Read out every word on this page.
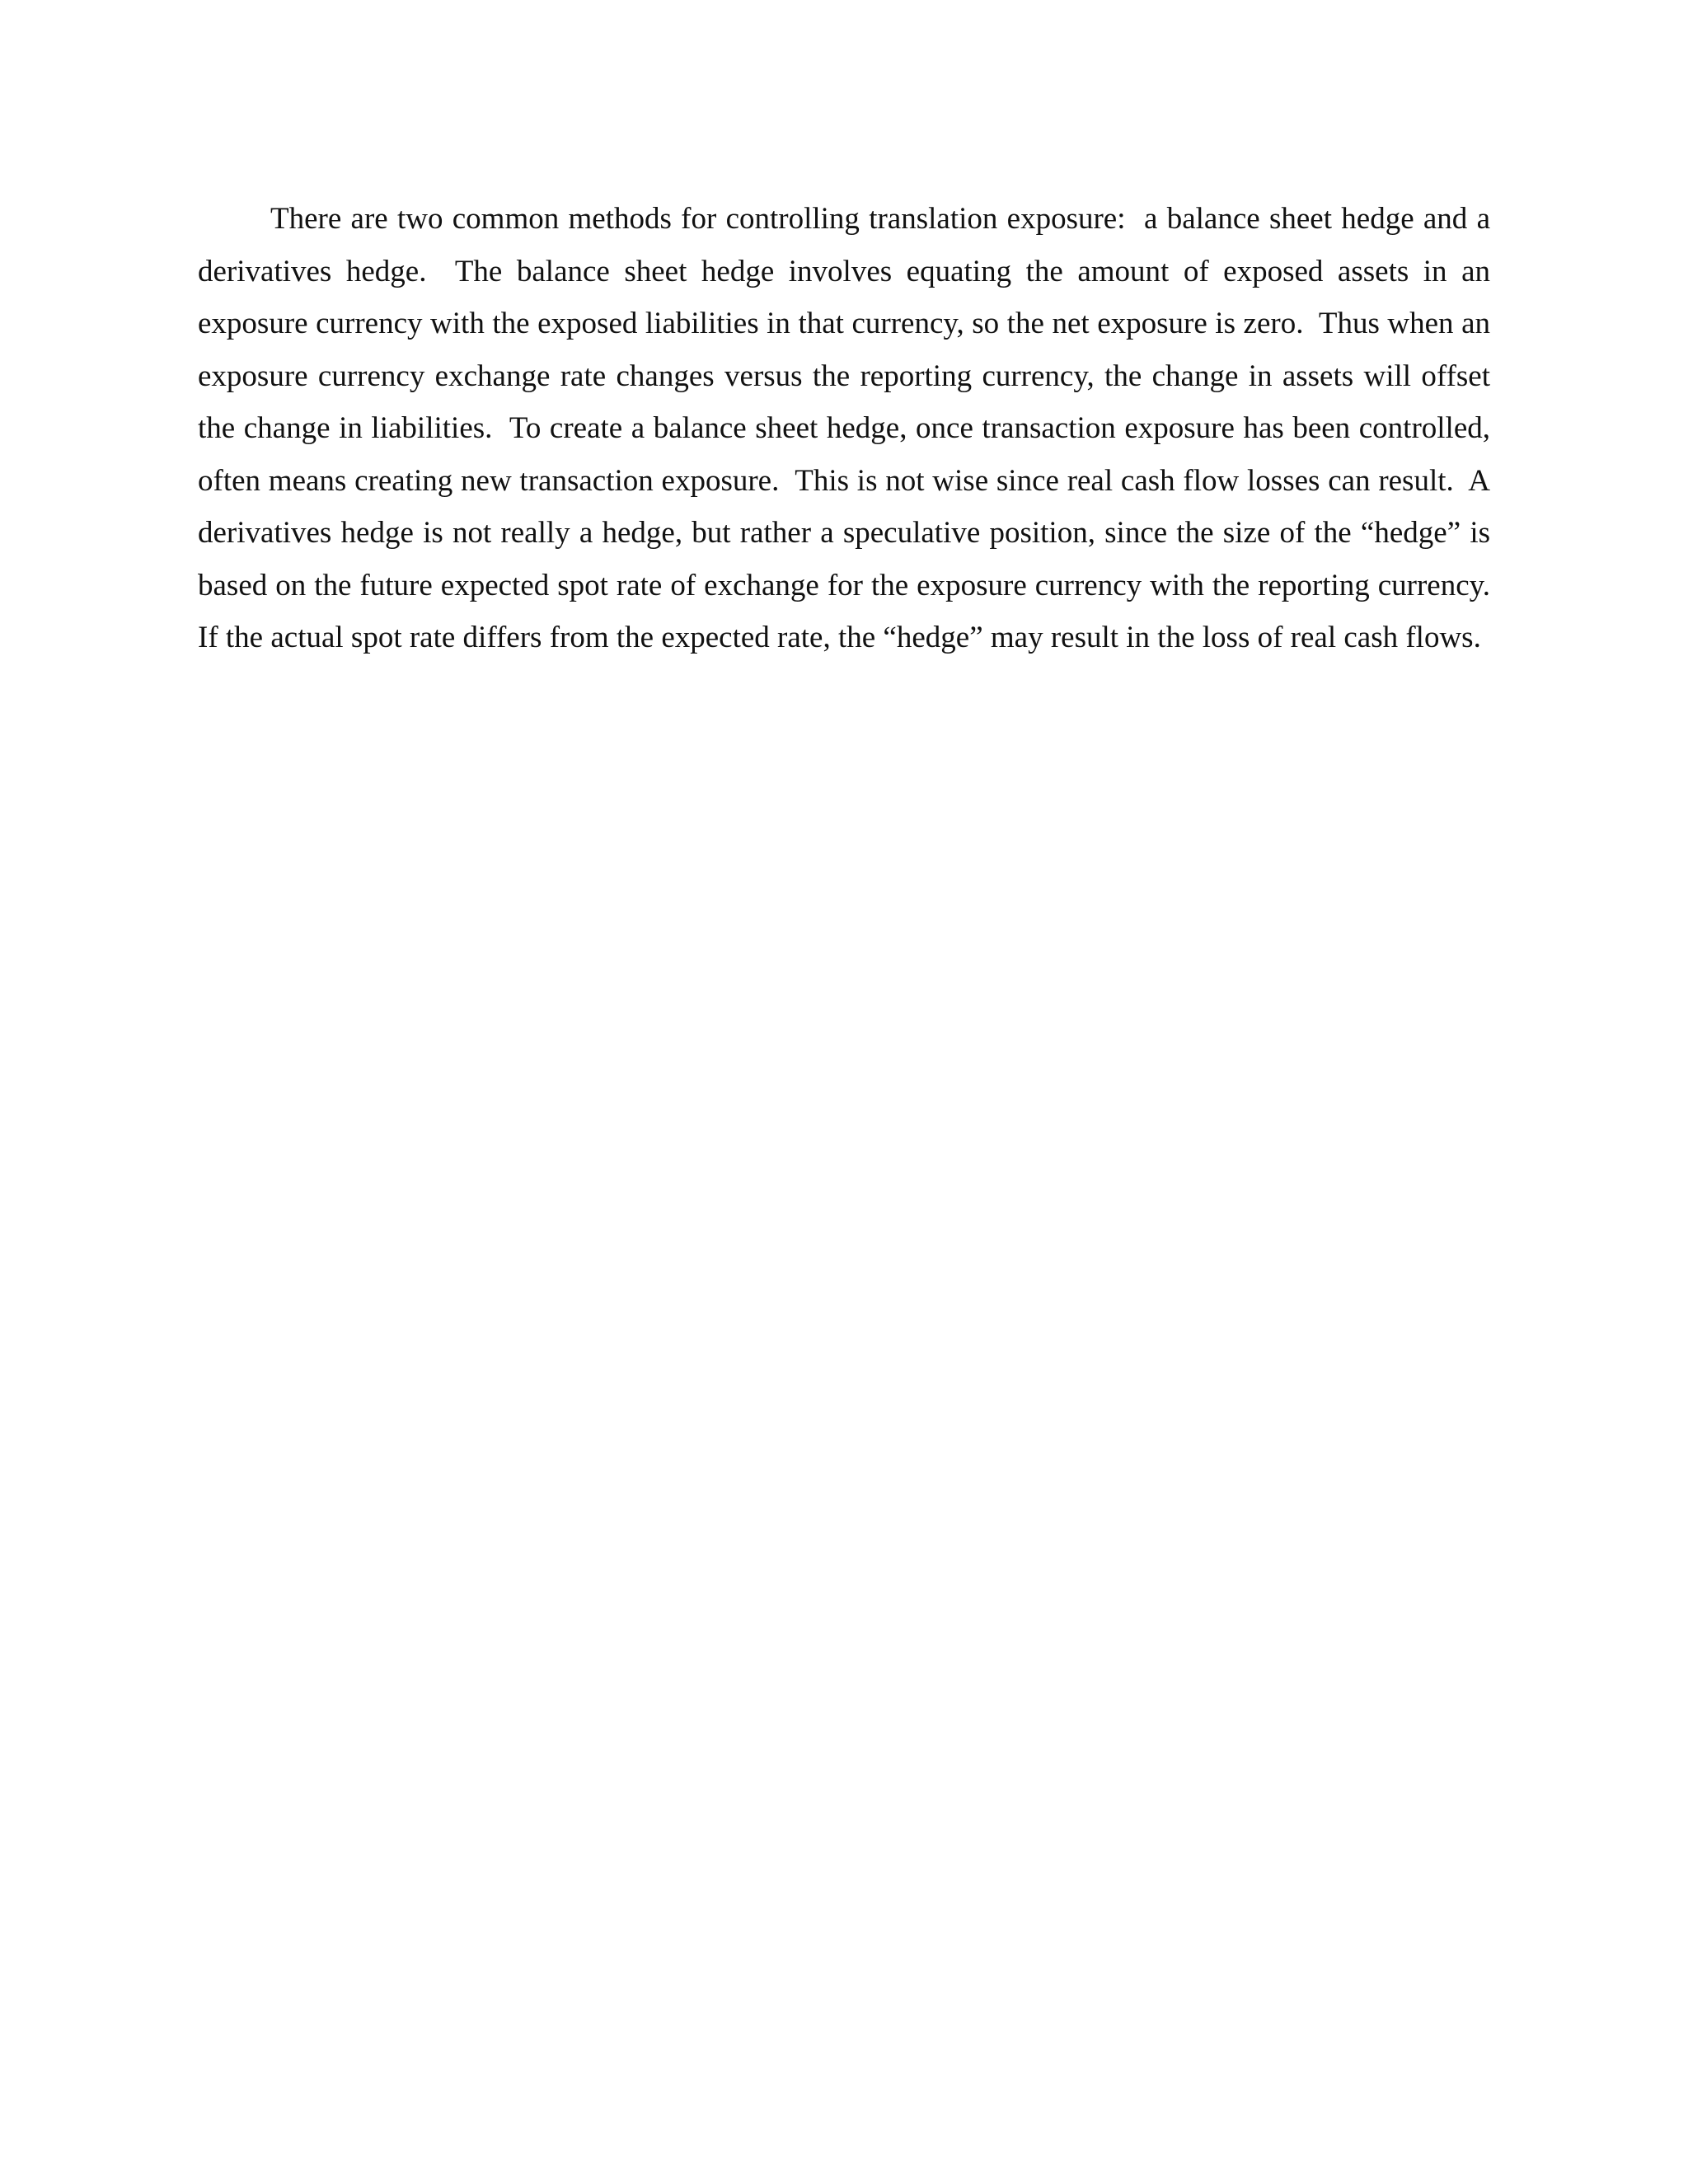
There are two common methods for controlling translation exposure:  a balance sheet hedge and a derivatives hedge.  The balance sheet hedge involves equating the amount of exposed assets in an exposure currency with the exposed liabilities in that currency, so the net exposure is zero.  Thus when an exposure currency exchange rate changes versus the reporting currency, the change in assets will offset the change in liabilities.  To create a balance sheet hedge, once transaction exposure has been controlled, often means creating new transaction exposure.  This is not wise since real cash flow losses can result.  A derivatives hedge is not really a hedge, but rather a speculative position, since the size of the “hedge” is based on the future expected spot rate of exchange for the exposure currency with the reporting currency.  If the actual spot rate differs from the expected rate, the “hedge” may result in the loss of real cash flows.
